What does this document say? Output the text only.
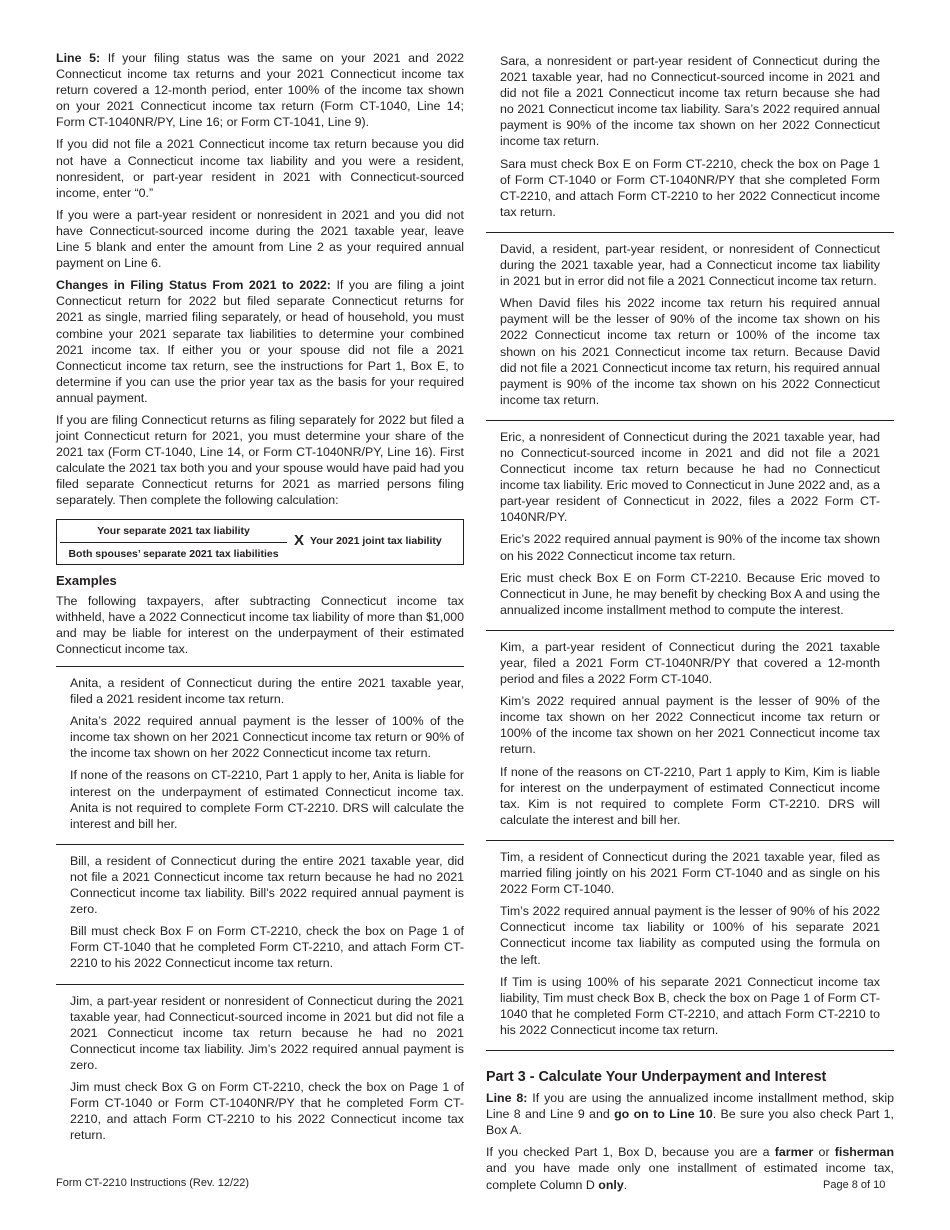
Line 5: If your filing status was the same on your 2021 and 2022 Connecticut income tax returns and your 2021 Connecticut income tax return covered a 12-month period, enter 100% of the income tax shown on your 2021 Connecticut income tax return (Form CT-1040, Line 14; Form CT-1040NR/PY, Line 16; or Form CT-1041, Line 9).

If you did not file a 2021 Connecticut income tax return because you did not have a Connecticut income tax liability and you were a resident, nonresident, or part-year resident in 2021 with Connecticut-sourced income, enter “0.”

If you were a part-year resident or nonresident in 2021 and you did not have Connecticut-sourced income during the 2021 taxable year, leave Line 5 blank and enter the amount from Line 2 as your required annual payment on Line 6.

Changes in Filing Status From 2021 to 2022: If you are filing a joint Connecticut return for 2022 but filed separate Connecticut returns for 2021 as single, married filing separately, or head of household, you must combine your 2021 separate tax liabilities to determine your combined 2021 income tax. If either you or your spouse did not file a 2021 Connecticut income tax return, see the instructions for Part 1, Box E, to determine if you can use the prior year tax as the basis for your required annual payment.

If you are filing Connecticut returns as filing separately for 2022 but filed a joint Connecticut return for 2021, you must determine your share of the 2021 tax (Form CT-1040, Line 14, or Form CT-1040NR/PY, Line 16). First calculate the 2021 tax both you and your spouse would have paid had you filed separate Connecticut returns for 2021 as married persons filing separately. Then complete the following calculation:

$\frac{\text{Your separate 2021 tax liability}}{\text{Both spouses’ separate 2021 tax liabilities}}$ X Your 2021 joint tax liability
Examples

The following taxpayers, after subtracting Connecticut income tax withheld, have a 2022 Connecticut income tax liability of more than $1,000 and may be liable for interest on the underpayment of their estimated Connecticut income tax.

Anita, a resident of Connecticut during the entire 2021 taxable year, filed a 2021 resident income tax return.

Anita’s 2022 required annual payment is the lesser of 100% of the income tax shown on her 2021 Connecticut income tax return or 90% of the income tax shown on her 2022 Connecticut income tax return.

If none of the reasons on CT-2210, Part 1 apply to her, Anita is liable for interest on the underpayment of estimated Connecticut income tax. Anita is not required to complete Form CT-2210. DRS will calculate the interest and bill her.

Bill, a resident of Connecticut during the entire 2021 taxable year, did not file a 2021 Connecticut income tax return because he had no 2021 Connecticut income tax liability. Bill’s 2022 required annual payment is zero.

Bill must check Box F on Form CT-2210, check the box on Page 1 of Form CT-1040 that he completed Form CT-2210, and attach Form CT-2210 to his 2022 Connecticut income tax return.

Jim, a part-year resident or nonresident of Connecticut during the 2021 taxable year, had Connecticut-sourced income in 2021 but did not file a 2021 Connecticut income tax return because he had no 2021 Connecticut income tax liability. Jim’s 2022 required annual payment is zero.

Jim must check Box G on Form CT-2210, check the box on Page 1 of Form CT-1040 or Form CT-1040NR/PY that he completed Form CT-2210, and attach Form CT-2210 to his 2022 Connecticut income tax return.

Sara, a nonresident or part-year resident of Connecticut during the 2021 taxable year, had no Connecticut-sourced income in 2021 and did not file a 2021 Connecticut income tax return because she had no 2021 Connecticut income tax liability. Sara’s 2022 required annual payment is 90% of the income tax shown on her 2022 Connecticut income tax return.

Sara must check Box E on Form CT-2210, check the box on Page 1 of Form CT-1040 or Form CT-1040NR/PY that she completed Form CT-2210, and attach Form CT-2210 to her 2022 Connecticut income tax return.

David, a resident, part-year resident, or nonresident of Connecticut during the 2021 taxable year, had a Connecticut income tax liability in 2021 but in error did not file a 2021 Connecticut income tax return.

When David files his 2022 income tax return his required annual payment will be the lesser of 90% of the income tax shown on his 2022 Connecticut income tax return or 100% of the income tax shown on his 2021 Connecticut income tax return. Because David did not file a 2021 Connecticut income tax return, his required annual payment is 90% of the income tax shown on his 2022 Connecticut income tax return.

Eric, a nonresident of Connecticut during the 2021 taxable year, had no Connecticut-sourced income in 2021 and did not file a 2021 Connecticut income tax return because he had no Connecticut income tax liability. Eric moved to Connecticut in June 2022 and, as a part-year resident of Connecticut in 2022, files a 2022 Form CT-1040NR/PY.

Eric’s 2022 required annual payment is 90% of the income tax shown on his 2022 Connecticut income tax return.

Eric must check Box E on Form CT-2210. Because Eric moved to Connecticut in June, he may benefit by checking Box A and using the annualized income installment method to compute the interest.

Kim, a part-year resident of Connecticut during the 2021 taxable year, filed a 2021 Form CT-1040NR/PY that covered a 12-month period and files a 2022 Form CT-1040.

Kim’s 2022 required annual payment is the lesser of 90% of the income tax shown on her 2022 Connecticut income tax return or 100% of the income tax shown on her 2021 Connecticut income tax return.

If none of the reasons on CT-2210, Part 1 apply to Kim, Kim is liable for interest on the underpayment of estimated Connecticut income tax. Kim is not required to complete Form CT-2210. DRS will calculate the interest and bill her.

Tim, a resident of Connecticut during the 2021 taxable year, filed as married filing jointly on his 2021 Form CT-1040 and as single on his 2022 Form CT-1040.

Tim’s 2022 required annual payment is the lesser of 90% of his 2022 Connecticut income tax liability or 100% of his separate 2021 Connecticut income tax liability as computed using the formula on the left.

If Tim is using 100% of his separate 2021 Connecticut income tax liability, Tim must check Box B, check the box on Page 1 of Form CT-1040 that he completed Form CT-2210, and attach Form CT-2210 to his 2022 Connecticut income tax return.

Part 3 - Calculate Your Underpayment and Interest

Line 8: If you are using the annualized income installment method, skip Line 8 and Line 9 and go on to Line 10. Be sure you also check Part 1, Box A.

If you checked Part 1, Box D, because you are a farmer or fisherman and you have made only one installment of estimated income tax, complete Column D only.

Form CT-2210 Instructions (Rev. 12/22)	Page 8 of 10
